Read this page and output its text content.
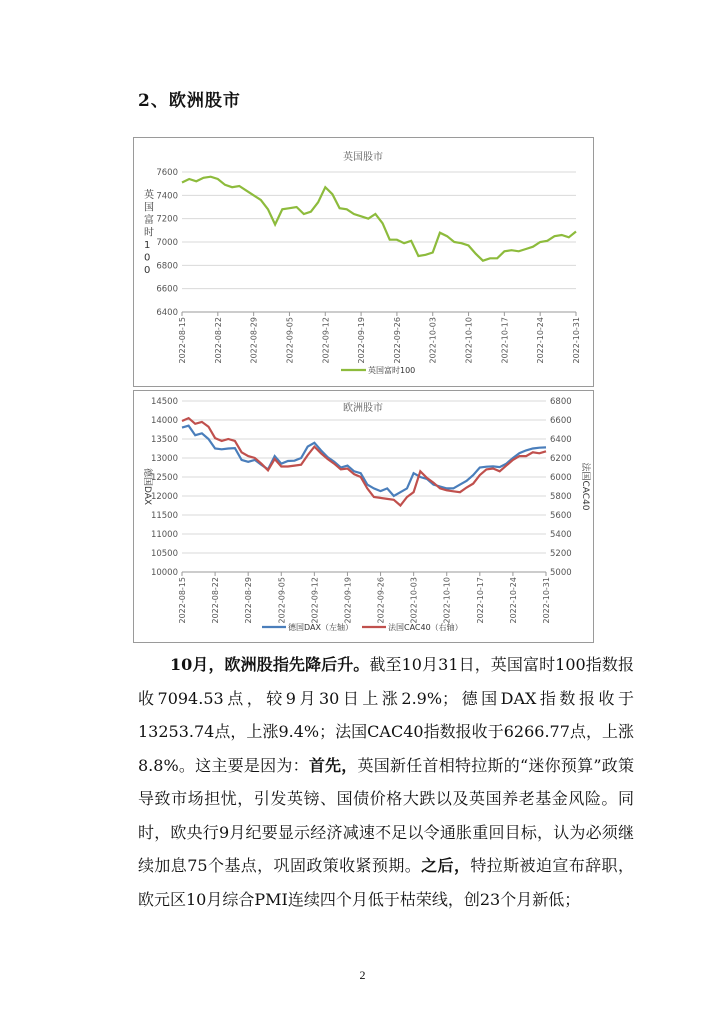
2、欧洲股市
英国股市
6400
6600
6800
7000
7200
7400
7600
2022-08-15	2022-08-22	2022-08-29	2022-09-05	2022-09-12	2022-09-19	2022-09-26	2022-10-03	2022-10-10	2022-10-17	2022-10-24	2022-10-31
英国富时 1 0 0
英国富时100
欧洲股市
10000
10500
11000
11500
12000
12500
13000
13500
14000
14500
5000
5200
5400
5600
5800
6000
6200
6400
6600
6800
2022-08-15	2022-08-22	2022-08-29	2022-09-05	2022-09-12	2022-09-19	2022-09-26	2022-10-03	2022-10-10	2022-10-17	2022-10-24	2022-10-31
德国DAX	法国CAC40
德国DAX（左轴）	法国CAC40（右轴）
10月，欧洲股指先降后升。截至10月31日，英国富时100指数报收7094.53点，较9月30日上涨2.9%；德国DAX指数报收于13253.74点，上涨9.4%；法国CAC40指数报收于6266.77点，上涨8.8%。这主要是因为：首先，英国新任首相特拉斯的“迷你预算”政策导致市场担忧，引发英镑、国债价格大跌以及英国养老基金风险。同时，欧央行9月纪要显示经济减速不足以令通胀重回目标，认为必须继续加息75个基点，巩固政策收紧预期。之后，特拉斯被迫宣布辞职，欧元区10月综合PMI连续四个月低于枯荣线，创23个月新低；
2
